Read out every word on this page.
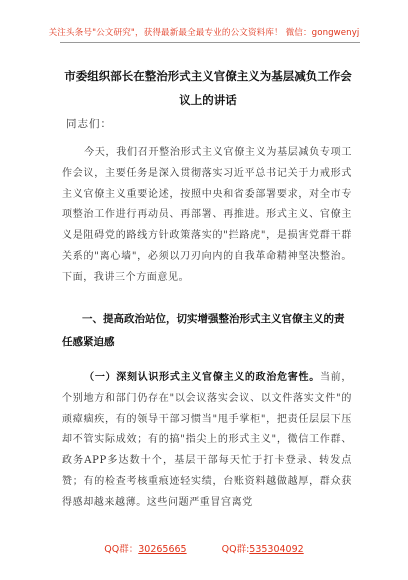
关注头条号"公文研究"，获得最新最全最专业的公文资料库！ 微信：gongwenyj
市委组织部长在整治形式主义官僚主义为基层减负工作会
议上的讲话
同志们：
今天，我们召开整治形式主义官僚主义为基层减负专项工作会议，主要任务是深入贯彻落实习近平总书记关于力戒形式主义官僚主义重要论述，按照中央和省委部署要求，对全市专项整治工作进行再动员、再部署、再推进。形式主义、官僚主义是阻碍党的路线方针政策落实的"拦路虎"，是损害党群干群关系的"离心墙"，必须以刀刃向内的自我革命精神坚决整治。下面，我讲三个方面意见。
一、提高政治站位，切实增强整治形式主义官僚主义的责任感紧迫感
（一）深刻认识形式主义官僚主义的政治危害性。当前，个别地方和部门仍存在"以会议落实会议、以文件落实文件"的顽瘴痼疾，有的领导干部习惯当"甩手掌柜"，把责任层层下压却不管实际成效；有的搞"指尖上的形式主义"，微信工作群、政务APP多达数十个，基层干部每天忙于打卡登录、转发点赞；有的检查考核重痕迹轻实绩，台账资料越做越厚，群众获得感却越来越薄。这些问题严重冒宫离党
QQ群：30265665	QQ群:535304092
